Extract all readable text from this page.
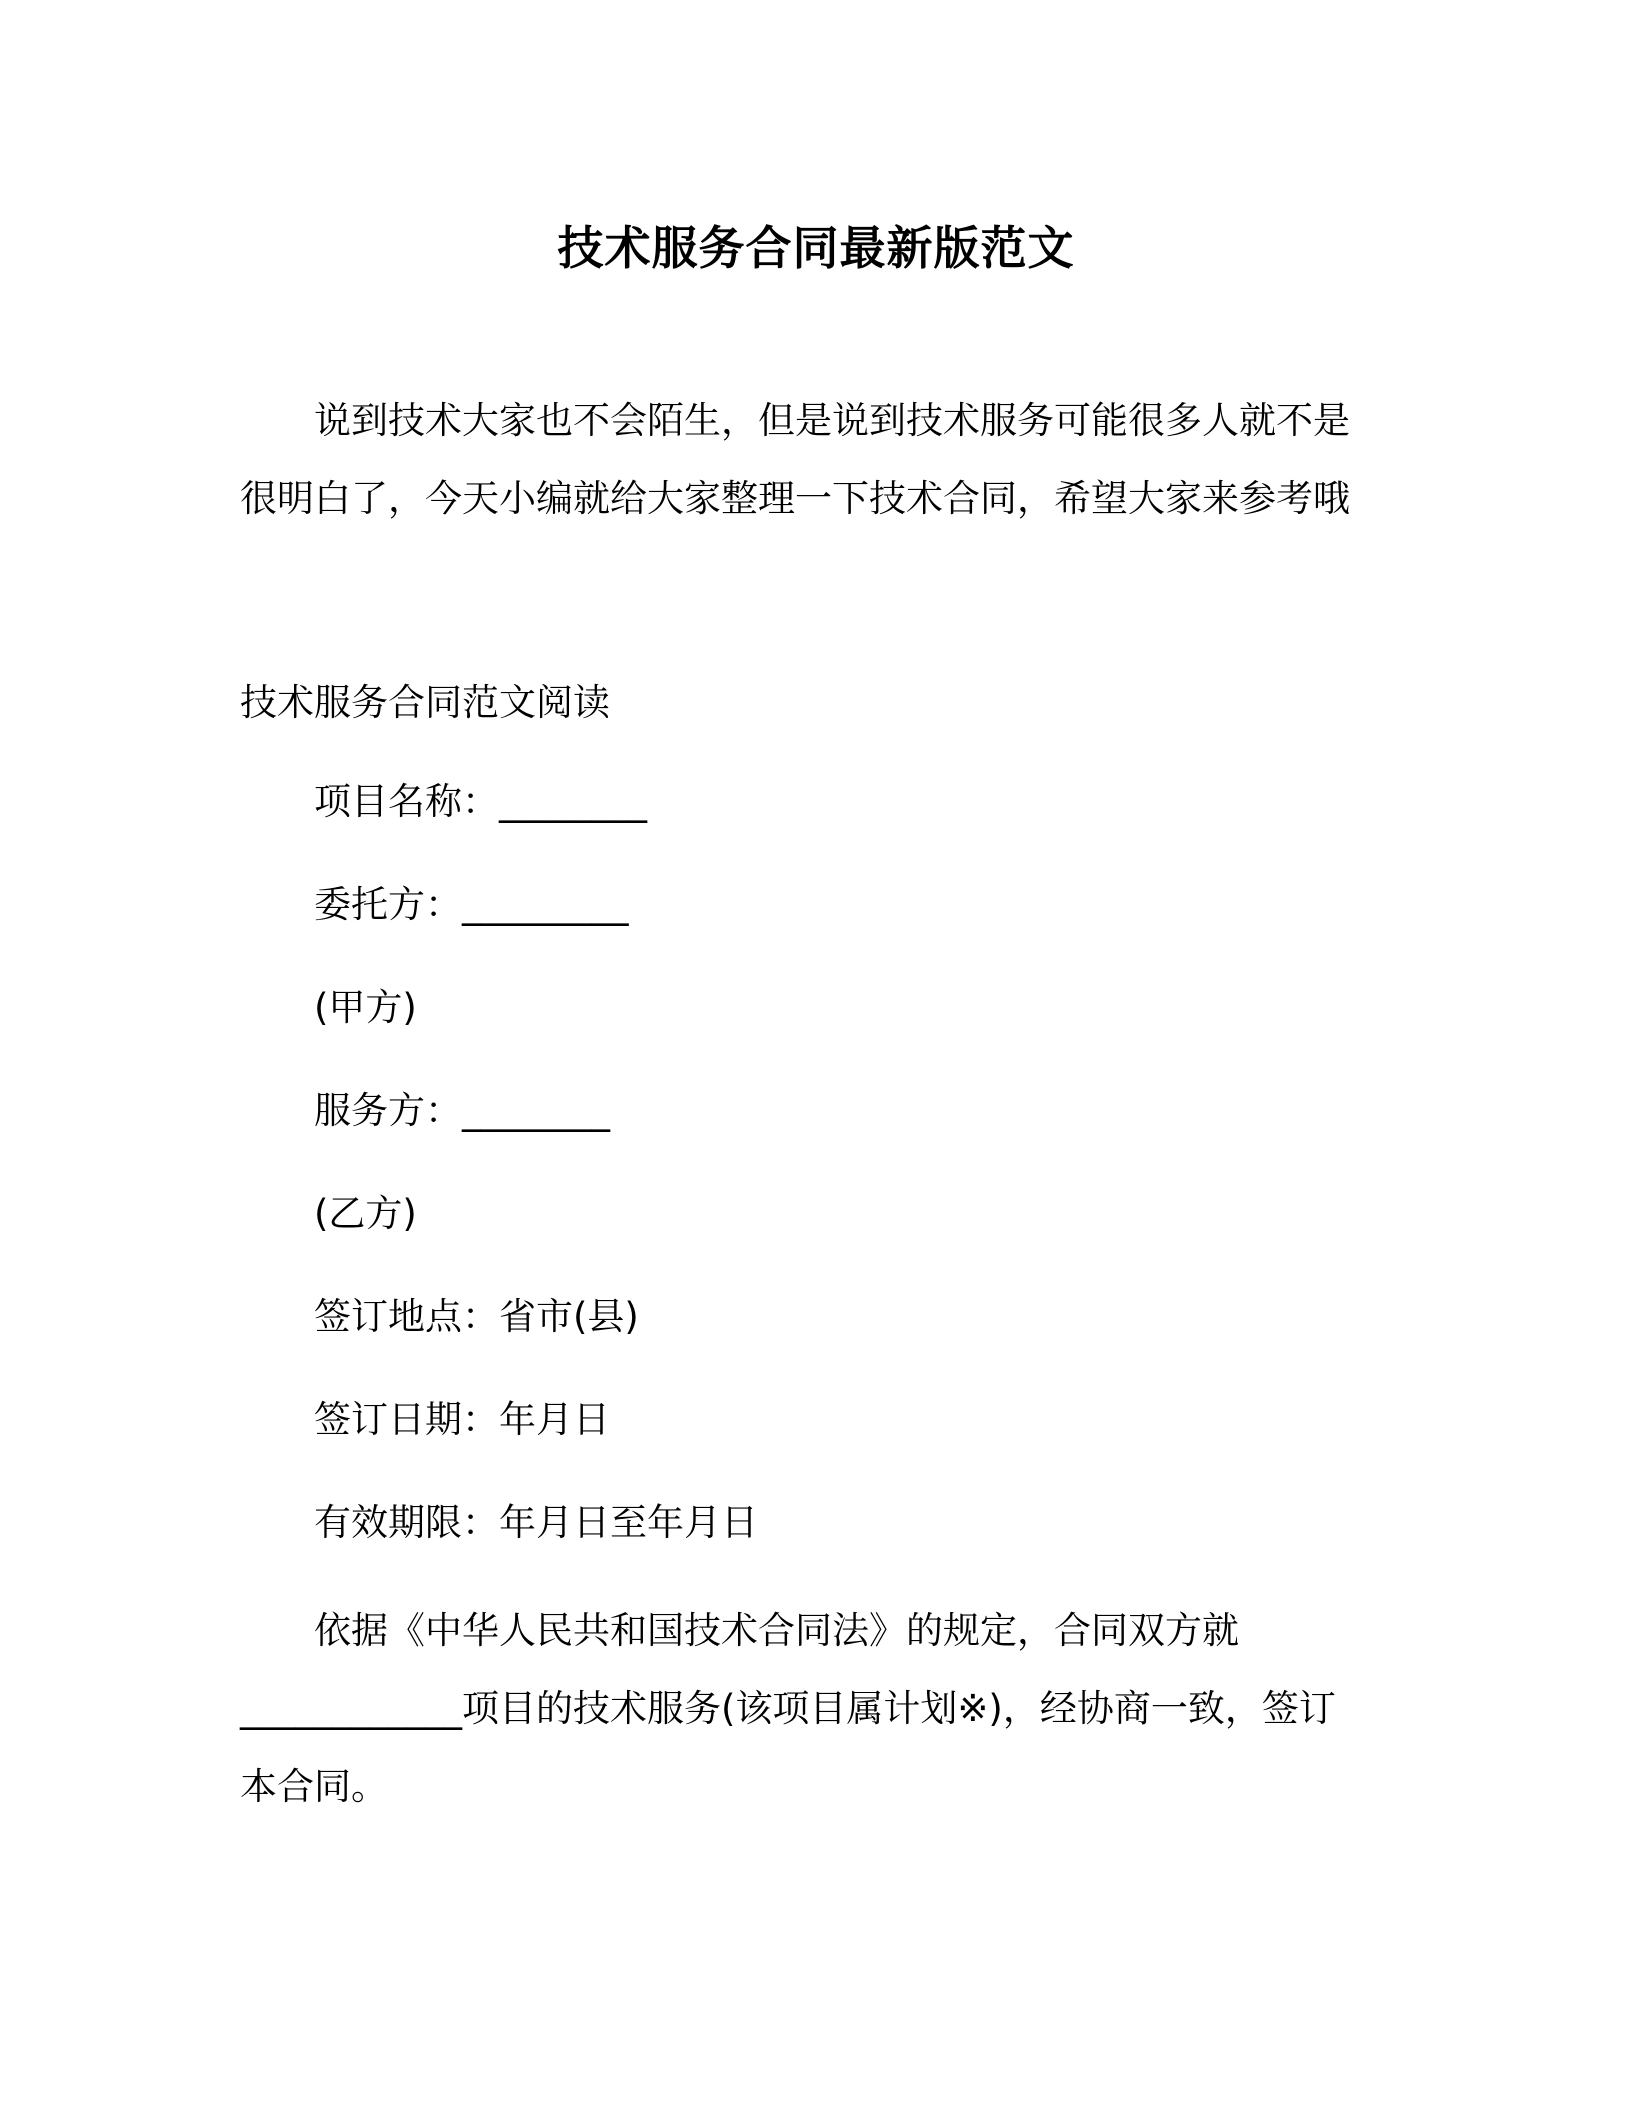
技术服务合同最新版范文
说到技术大家也不会陌生，但是说到技术服务可能很多人就不是很明白了，今天小编就给大家整理一下技术合同，希望大家来参考哦
技术服务合同范文阅读
项目名称：________
委托方：_________
(甲方)
服务方：________
(乙方)
签订地点：省市(县)
签订日期：年月日
有效期限：年月日至年月日
依据《中华人民共和国技术合同法》的规定，合同双方就____________项目的技术服务(该项目属计划※)，经协商一致，签订本合同。
